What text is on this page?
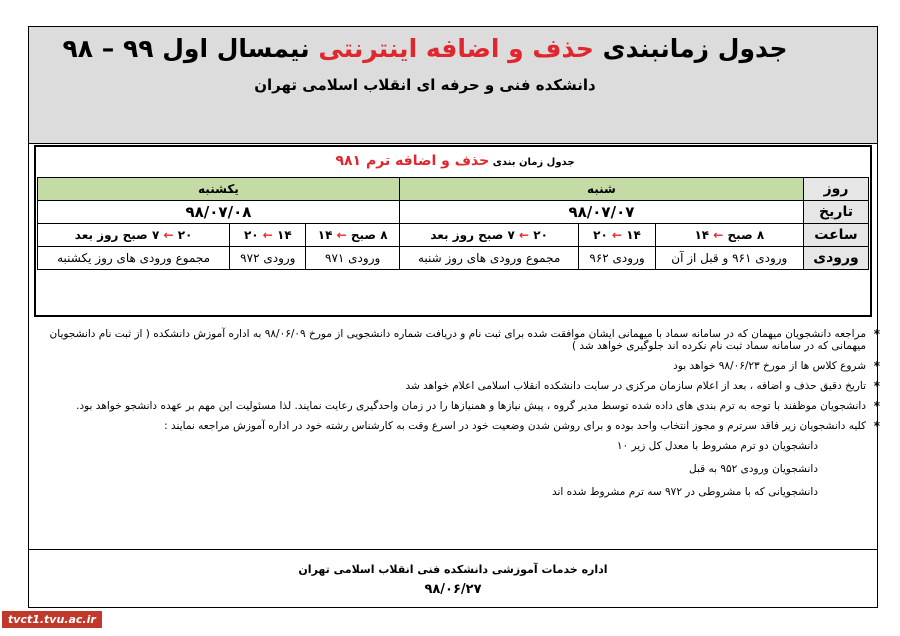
جدول زمانبندی حذف و اضافه اینترنتی نیمسال اول ۹۹ – ۹۸
دانشکده فنی و حرفه ای انقلاب اسلامی تهران
جدول زمان بندی حذف و اضافه ترم ۹۸۱
روز	شنبه			یکشنبه		
تاریخ	۹۸/۰۷/۰۷			۹۸/۰۷/۰۸		
ساعت	۸ صبح ← ۱۴	۱۴ ← ۲۰	۲۰ ← ۷ صبح روز بعد	۸ صبح ← ۱۴	۱۴ ← ۲۰	۲۰ ← ۷ صبح روز بعد
ورودی	ورودی ۹۶۱ و قبل از آن	ورودی ۹۶۲	مجموع ورودی های روز شنبه	ورودی ۹۷۱	ورودی ۹۷۲	مجموع ورودی های روز یکشنبه
*
مراجعه دانشجویان میهمان که در سامانه سماد با میهمانی ایشان موافقت شده برای ثبت نام و دریافت شماره دانشجویی از مورخ ۹۸/۰۶/۰۹ به اداره آموزش دانشکده ( از ثبت نام دانشجویان میهمانی که در سامانه سماد ثبت نام نکرده اند جلوگیری خواهد شد )
*
شروع کلاس ها از مورخ ۹۸/۰۶/۲۳ خواهد بود
*
تاریخ دقیق حذف و اضافه ، بعد از اعلام سازمان مرکزی در سایت دانشکده انقلاب اسلامی اعلام خواهد شد
*
دانشجویان موظفند با توجه به ترم بندی های داده شده توسط مدیر گروه ، پیش نیازها و همنیازها را در زمان واحدگیری رعایت نمایند. لذا مسئولیت این مهم بر عهده دانشجو خواهد بود.
*
کلیه دانشجویان زیر فاقد سرترم و مجوز انتخاب واحد بوده و برای روشن شدن وضعیت خود در اسرع وقت به کارشناس رشته خود در اداره آموزش مراجعه نمایند :
دانشجویان دو ترم مشروط با معدل کل زیر ۱۰
دانشجویان ورودی ۹۵۲ به قبل
دانشجویانی که با مشروطی در ۹۷۲ سه ترم مشروط شده اند
اداره خدمات آموزشی دانشکده فنی انقلاب اسلامی تهران
۹۸/۰۶/۲۷
tvct1.tvu.ac.ir
